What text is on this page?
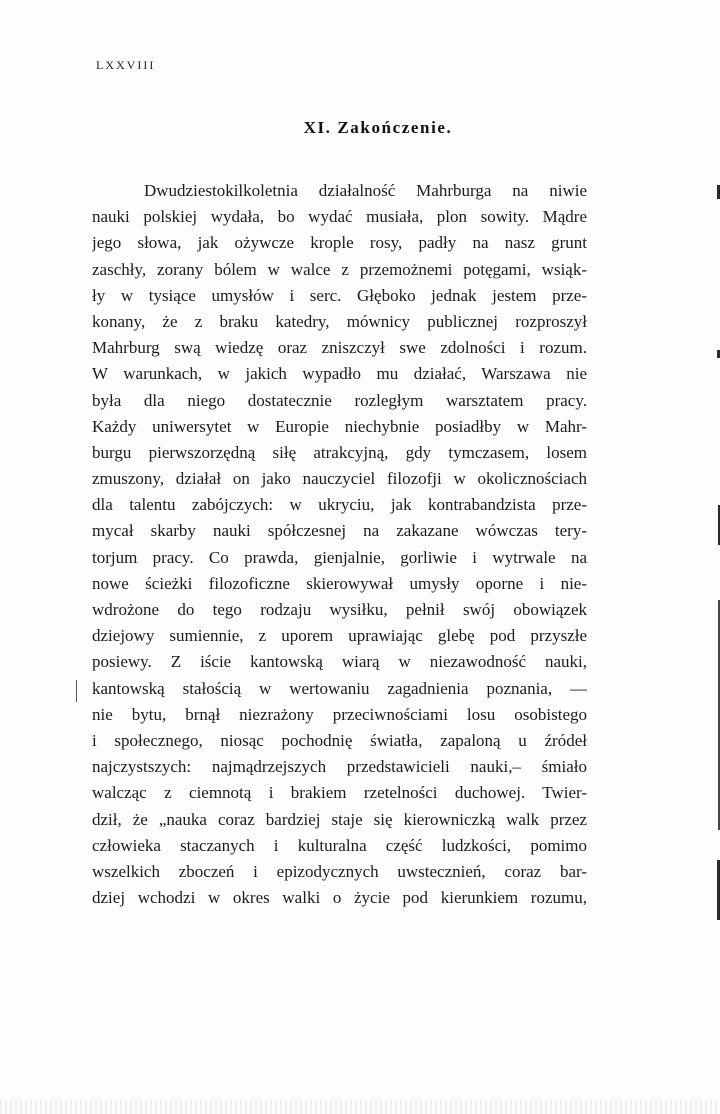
LXXVIII
XI. Zakończenie.

Dwudziestokilkoletnia działalność Mahrburga na niwie
nauki polskiej wydała, bo wydać musiała, plon sowity. Mądre
jego słowa, jak ożywcze krople rosy, padły na nasz grunt
zaschły, zorany bólem w walce z przemożnemi potęgami, wsiąk-
ły w tysiące umysłów i serc. Głęboko jednak jestem prze-
konany, że z braku katedry, mównicy publicznej rozproszył
Mahrburg swą wiedzę oraz zniszczył swe zdolności i rozum.
W warunkach, w jakich wypadło mu działać, Warszawa nie
była dla niego dostatecznie rozległym warsztatem pracy.
Każdy uniwersytet w Europie niechybnie posiadłby w Mahr-
burgu pierwszorzędną siłę atrakcyjną, gdy tymczasem, losem
zmuszony, działał on jako nauczyciel filozofji w okolicznościach
dla talentu zabójczych: w ukryciu, jak kontrabandzista prze-
mycał skarby nauki spółczesnej na zakazane wówczas tery-
torjum pracy. Co prawda, gienjalnie, gorliwie i wytrwale na
nowe ścieżki filozoficzne skierowywał umysły oporne i nie-
wdrożone do tego rodzaju wysiłku, pełnił swój obowiązek
dziejowy sumiennie, z uporem uprawiając glebę pod przyszłe
posiewy. Z iście kantowską wiarą w niezawodność nauki,
kantowską stałością w wertowaniu zagadnienia poznania, —
nie bytu, brnął niezrażony przeciwnościami losu osobistego
i społecznego, niosąc pochodnię światła, zapaloną u źródeł
najczystszych: najmądrzejszych przedstawicieli nauki,– śmiało
walcząc z ciemnotą i brakiem rzetelności duchowej. Twier-
dził, że „nauka coraz bardziej staje się kierowniczką walk przez
człowieka staczanych i kulturalna część ludzkości, pomimo
wszelkich zboczeń i epizodycznych uwstecznień, coraz bar-
dziej wchodzi w okres walki o życie pod kierunkiem rozumu,
